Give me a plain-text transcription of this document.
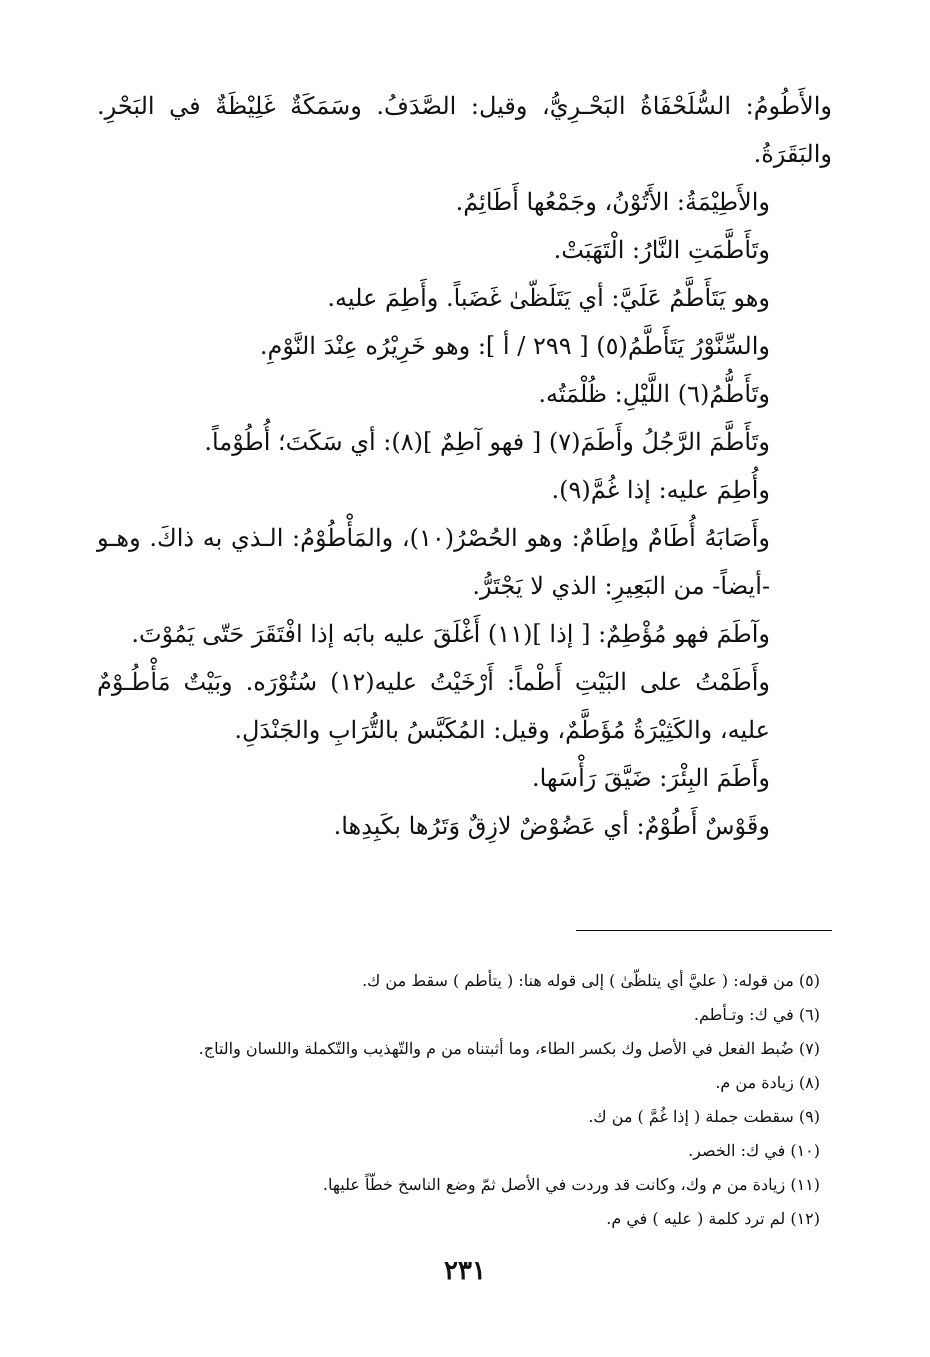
والأَطُومُ: السُّلَحْفَاةُ البَحْـرِيُّ، وقيل: الصَّدَفُ. وسَمَكَةٌ غَلِيْظَةٌ في البَحْرِ. والبَقَرَةُ.

والأَطِيْمَةُ: الأَتُوْنُ، وجَمْعُها أَطَائِمُ.

وتَأَطَّمَتِ النَّارُ: الْتَهَبَتْ.

وهو يَتَأَطَّمُ عَلَيَّ: أي يَتَلَظّىٰ غَضَباً. وأَطِمَ عليه.

والسِّنَّوْرُ يَتَأَطَّمُ(٥) [ ٢٩٩ / أ ]: وهو خَرِيْرُه عِنْدَ النَّوْمِ.

وتَأَطُّمُ(٦) اللَّيْلِ: ظُلْمَتُه.

وتَأَطَّمَ الرَّجُلُ وأَطَمَ(٧) [ فهو آطِمٌ ](٨): أي سَكَتَ؛ أُطُوْماً.

وأُطِمَ عليه: إذا غُمَّ(٩).

وأَصَابَهُ أُطَامٌ وإطَامٌ: وهو الحُصْرُ(١٠)، والمَأْطُوْمُ: الـذي به ذاكَ. وهـو -أيضاً- من البَعِيرِ: الذي لا يَجْتَرُّ.

وآطَمَ فهو مُؤْطِمٌ: [ إذا ](١١) أَغْلَقَ عليه بابَه إذا افْتَقَرَ حَتّى يَمُوْتَ.

وأَطَمْتُ على البَيْتِ أَطْماً: أَرْخَيْتُ عليه(١٢) سُتُوْرَه. وبَيْتٌ مَأْطُـوْمٌ عليه، والكَثِيْرَةُ مُؤَطَّمٌ، وقيل: المُكَبَّسُ بالتُّرَابِ والجَنْدَلِ.

وأَطَمَ البِئْرَ: ضَيَّقَ رَأْسَها.

وقَوْسٌ أَطُوْمٌ: أي عَضُوْضٌ لازِقٌ وَتَرُها بكَبِدِها.

(٥) من قوله: ( عليَّ أي يتلظّىٰ ) إلى قوله هنا: ( يتأطم ) سقط من ك.

(٦) في ك: وتـأطم.

(٧) ضُبط الفعل في الأصل وك بكسر الطاء، وما أثبتناه من م والتّهذيب والتّكملة واللسان والتاج.

(٨) زيادة من م.

(٩) سقطت جملة ( إذا غُمَّ ) من ك.

(١٠) في ك: الخصر.

(١١) زيادة من م وك، وكانت قد وردت في الأصل ثمّ وضع الناسخ خطّاً عليها.

(١٢) لم ترد كلمة ( عليه ) في م.

٢٣١
